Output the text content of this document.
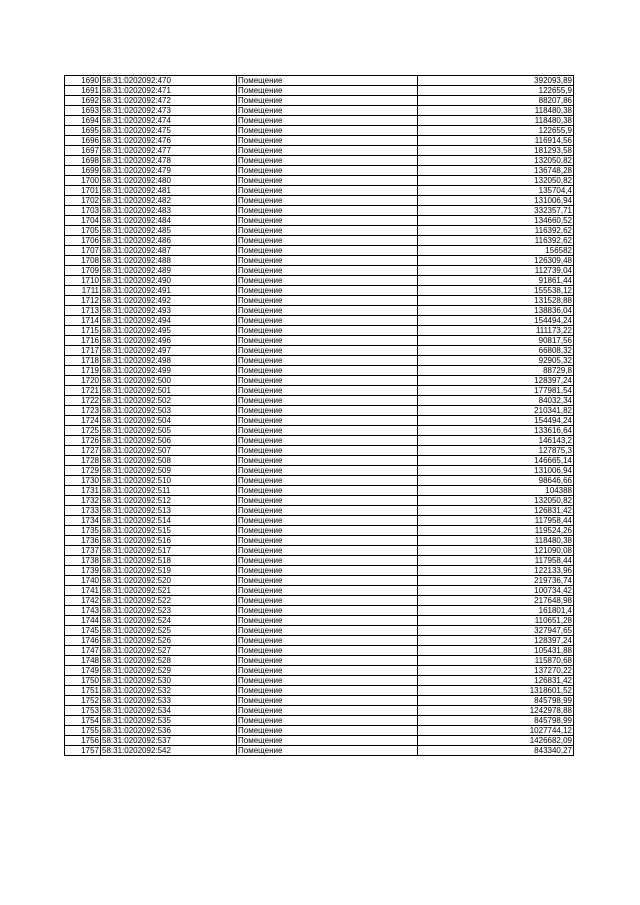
1690	58:31:0202092:470	Помещение	392093,89
1691	58:31:0202092:471	Помещение	122655,9
1692	58:31:0202092:472	Помещение	88207,86
1693	58:31:0202092:473	Помещение	118480,38
1694	58:31:0202092:474	Помещение	118480,38
1695	58:31:0202092:475	Помещение	122655,9
1696	58:31:0202092:476	Помещение	116914,56
1697	58:31:0202092:477	Помещение	181293,58
1698	58:31:0202092:478	Помещение	132050,82
1699	58:31:0202092:479	Помещение	136748,28
1700	58:31:0202092:480	Помещение	132050,82
1701	58:31:0202092:481	Помещение	135704,4
1702	58:31:0202092:482	Помещение	131006,94
1703	58:31:0202092:483	Помещение	332357,71
1704	58:31:0202092:484	Помещение	134660,52
1705	58:31:0202092:485	Помещение	116392,62
1706	58:31:0202092:486	Помещение	116392,62
1707	58:31:0202092:487	Помещение	156582
1708	58:31:0202092:488	Помещение	126309,48
1709	58:31:0202092:489	Помещение	112739,04
1710	58:31:0202092:490	Помещение	91861,44
1711	58:31:0202092:491	Помещение	155538,12
1712	58:31:0202092:492	Помещение	131528,88
1713	58:31:0202092:493	Помещение	138836,04
1714	58:31:0202092:494	Помещение	154494,24
1715	58:31:0202092:495	Помещение	111173,22
1716	58:31:0202092:496	Помещение	90817,56
1717	58:31:0202092:497	Помещение	66808,32
1718	58:31:0202092:498	Помещение	92905,32
1719	58:31:0202092:499	Помещение	88729,8
1720	58:31:0202092:500	Помещение	128397,24
1721	58:31:0202092:501	Помещение	177981,54
1722	58:31:0202092:502	Помещение	84032,34
1723	58:31:0202092:503	Помещение	210341,82
1724	58:31:0202092:504	Помещение	154494,24
1725	58:31:0202092:505	Помещение	133616,64
1726	58:31:0202092:506	Помещение	146143,2
1727	58:31:0202092:507	Помещение	127875,3
1728	58:31:0202092:508	Помещение	146665,14
1729	58:31:0202092:509	Помещение	131006,94
1730	58:31:0202092:510	Помещение	98646,66
1731	58:31:0202092:511	Помещение	104388
1732	58:31:0202092:512	Помещение	132050,82
1733	58:31:0202092:513	Помещение	126831,42
1734	58:31:0202092:514	Помещение	117958,44
1735	58:31:0202092:515	Помещение	119524,26
1736	58:31:0202092:516	Помещение	118480,38
1737	58:31:0202092:517	Помещение	121090,08
1738	58:31:0202092:518	Помещение	117958,44
1739	58:31:0202092:519	Помещение	122133,96
1740	58:31:0202092:520	Помещение	219736,74
1741	58:31:0202092:521	Помещение	100734,42
1742	58:31:0202092:522	Помещение	217648,98
1743	58:31:0202092:523	Помещение	161801,4
1744	58:31:0202092:524	Помещение	110651,28
1745	58:31:0202092:525	Помещение	327947,65
1746	58:31:0202092:526	Помещение	128397,24
1747	58:31:0202092:527	Помещение	105431,88
1748	58:31:0202092:528	Помещение	115870,68
1749	58:31:0202092:529	Помещение	137270,22
1750	58:31:0202092:530	Помещение	126831,42
1751	58:31:0202092:532	Помещение	1318601,52
1752	58:31:0202092:533	Помещение	845798,99
1753	58:31:0202092:534	Помещение	1242978,88
1754	58:31:0202092:535	Помещение	845798,99
1755	58:31:0202092:536	Помещение	1027744,12
1756	58:31:0202092:537	Помещение	1426682,09
1757	58:31:0202092:542	Помещение	843340,27
